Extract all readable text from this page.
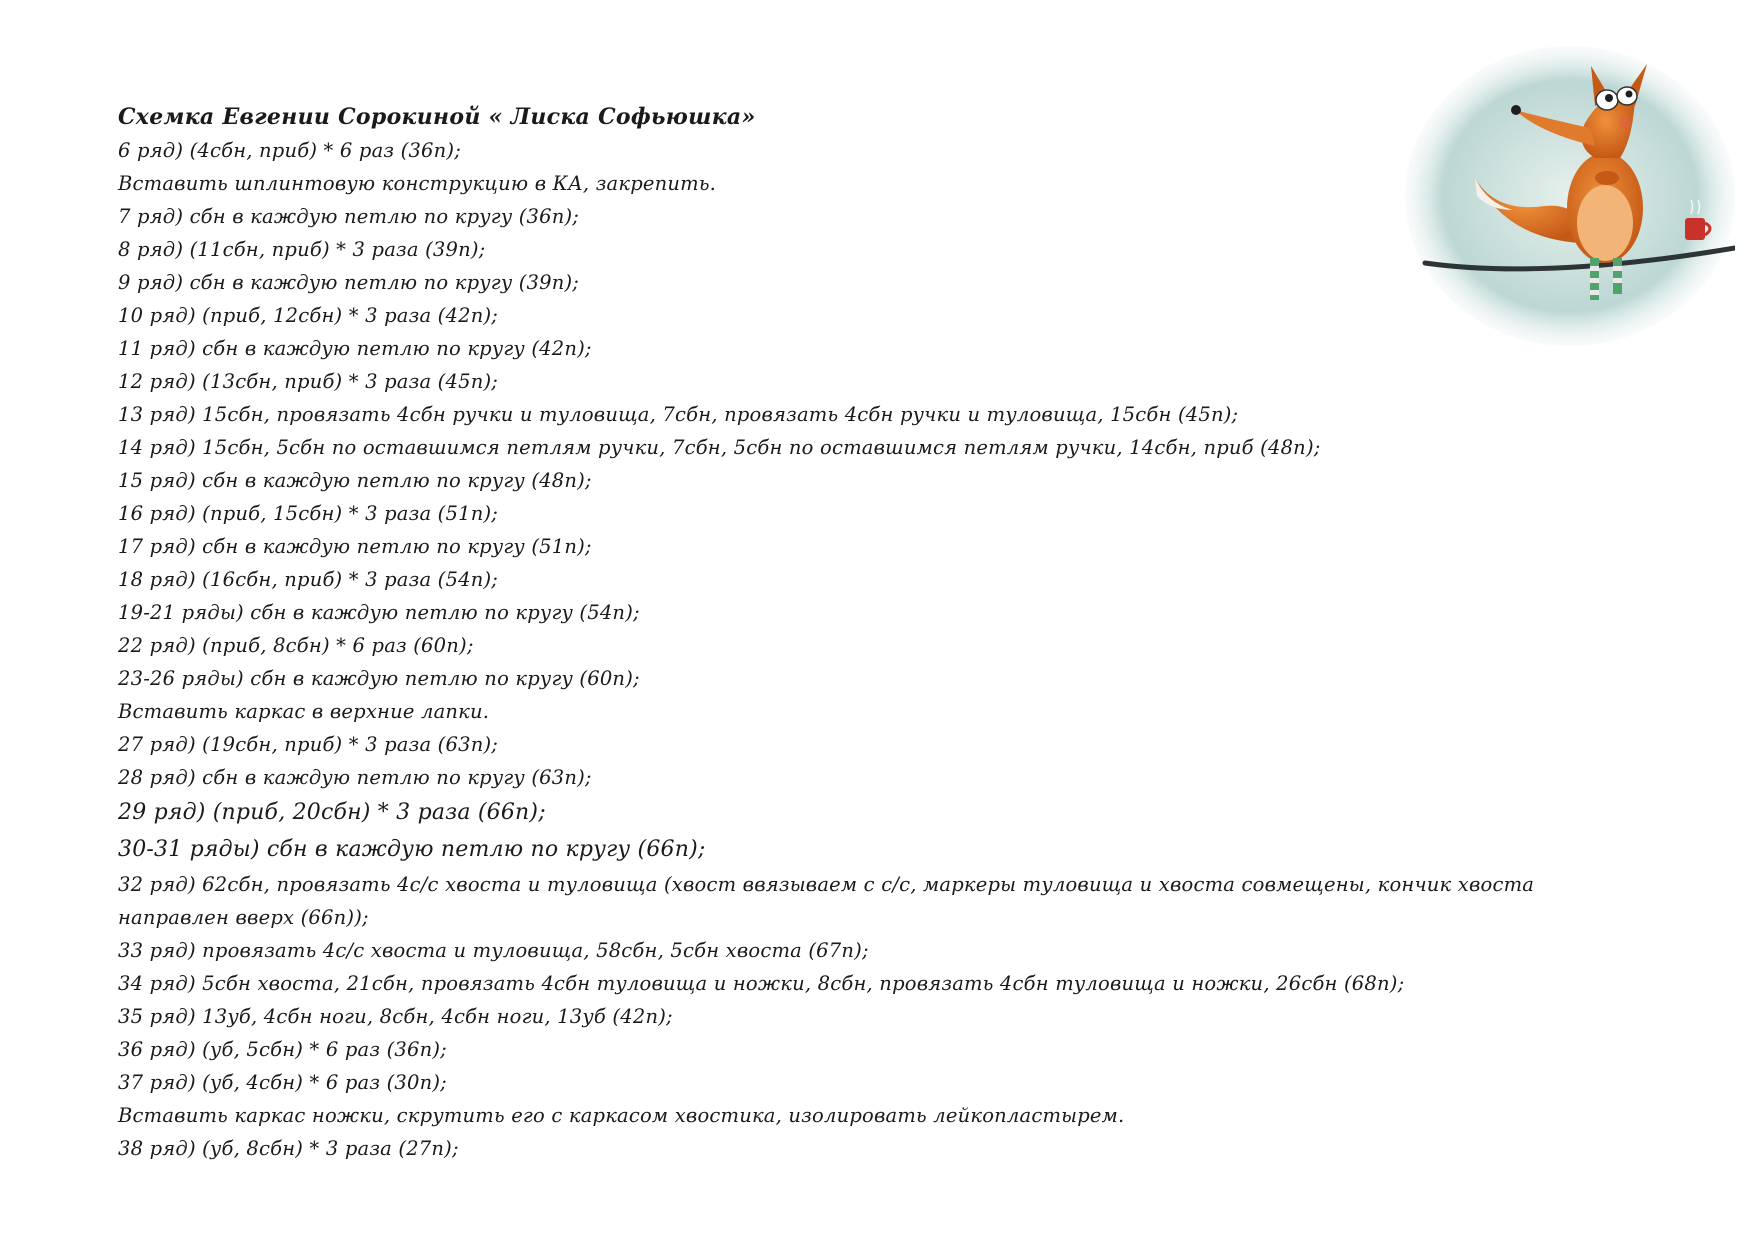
Схемка Евгении Сорокиной « Лиска Софьюшка»
6 ряд) (4сбн, приб) * 6 раз (36п);
Вставить шплинтовую конструкцию в КА, закрепить.
7 ряд) сбн в каждую петлю по кругу (36п);
8 ряд) (11сбн, приб) * 3 раза (39п);
9 ряд) сбн в каждую петлю по кругу (39п);
10 ряд) (приб, 12сбн) * 3 раза (42п);
11 ряд) сбн в каждую петлю по кругу (42п);
12 ряд) (13сбн, приб) * 3 раза (45п);
13 ряд) 15сбн, провязать 4сбн ручки и туловища, 7сбн, провязать 4сбн ручки и туловища, 15сбн (45п);
14 ряд) 15сбн, 5сбн по оставшимся петлям ручки, 7сбн, 5сбн по оставшимся петлям ручки, 14сбн, приб (48п);
15 ряд) сбн в каждую петлю по кругу (48п);
16 ряд) (приб, 15сбн) * 3 раза (51п);
17 ряд) сбн в каждую петлю по кругу (51п);
18 ряд) (16сбн, приб) * 3 раза (54п);
19-21 ряды) сбн в каждую петлю по кругу (54п);
22 ряд) (приб, 8сбн) * 6 раз (60п);
23-26 ряды) сбн в каждую петлю по кругу (60п);
Вставить каркас в верхние лапки.
27 ряд) (19сбн, приб) * 3 раза (63п);
28 ряд) сбн в каждую петлю по кругу (63п);
29 ряд) (приб, 20сбн) * 3 раза (66п);
30-31 ряды) сбн в каждую петлю по кругу (66п);
32 ряд) 62сбн, провязать 4с/с хвоста и туловища (хвост ввязываем с с/с, маркеры туловища и хвоста совмещены, кончик хвоста направлен вверх (66п));
33 ряд) провязать 4с/с хвоста и туловища, 58сбн, 5сбн хвоста (67п);
34 ряд) 5сбн хвоста, 21сбн, провязать 4сбн туловища и ножки, 8сбн, провязать 4сбн туловища и ножки, 26сбн (68п);
35 ряд) 13уб, 4сбн ноги, 8сбн, 4сбн ноги, 13уб (42п);
36 ряд) (уб, 5сбн) * 6 раз (36п);
37 ряд) (уб, 4сбн) * 6 раз (30п);
Вставить каркас ножки, скрутить его с каркасом хвостика, изолировать лейкопластырем.
38 ряд) (уб, 8сбн) * 3 раза (27п);
